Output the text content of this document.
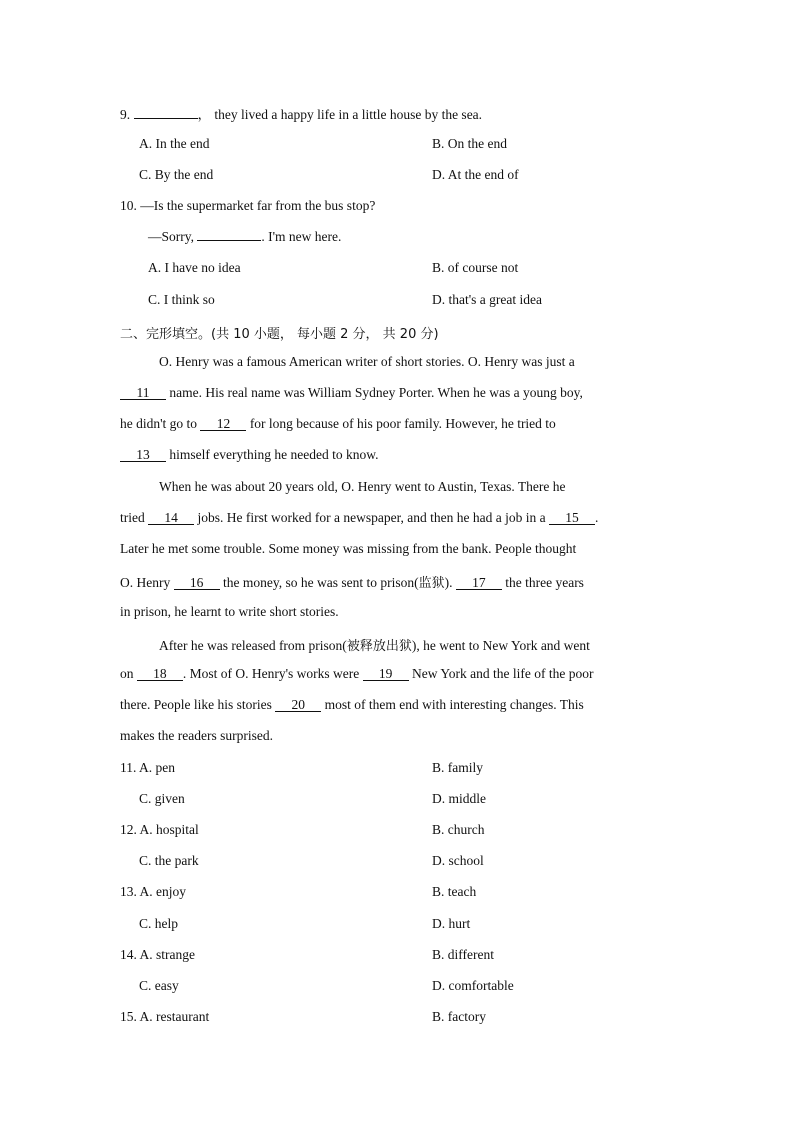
9.	， they lived a happy life in a little house by the sea.
A. In the end	B. On the end
C. By the end	D. At the end of
10. —Is the supermarket far from the bus stop?
—Sorry,	. I'm new here.
A. I have no idea	B. of course not
C. I think so	D. that's a great idea
二、完形填空。(共 10 小题， 每小题 2 分， 共 20 分)
O. Henry was a famous American writer of short stories. O. Henry was just a
11 name. His real name was William Sydney Porter. When he was a young boy,
he didn't go to 12 for long because of his poor family. However, he tried to
13 himself everything he needed to know.
When he was about 20 years old, O. Henry went to Austin, Texas. There he
tried 14 jobs. He first worked for a newspaper, and then he had a job in a 15 .
Later he met some trouble. Some money was missing from the bank. People thought
O. Henry 16 the money, so he was sent to prison(监狱). 17 the three years
in prison, he learnt to write short stories.
After he was released from prison(被释放出狱), he went to New York and went
on 18 . Most of O. Henry's works were 19 New York and the life of the poor
there. People like his stories 20 most of them end with interesting changes. This
makes the readers surprised.
11. A. pen	B. family
C. given	D. middle
12. A. hospital	B. church
C. the park	D. school
13. A. enjoy	B. teach
C. help	D. hurt
14. A. strange	B. different
C. easy	D. comfortable
15. A. restaurant	B. factory
